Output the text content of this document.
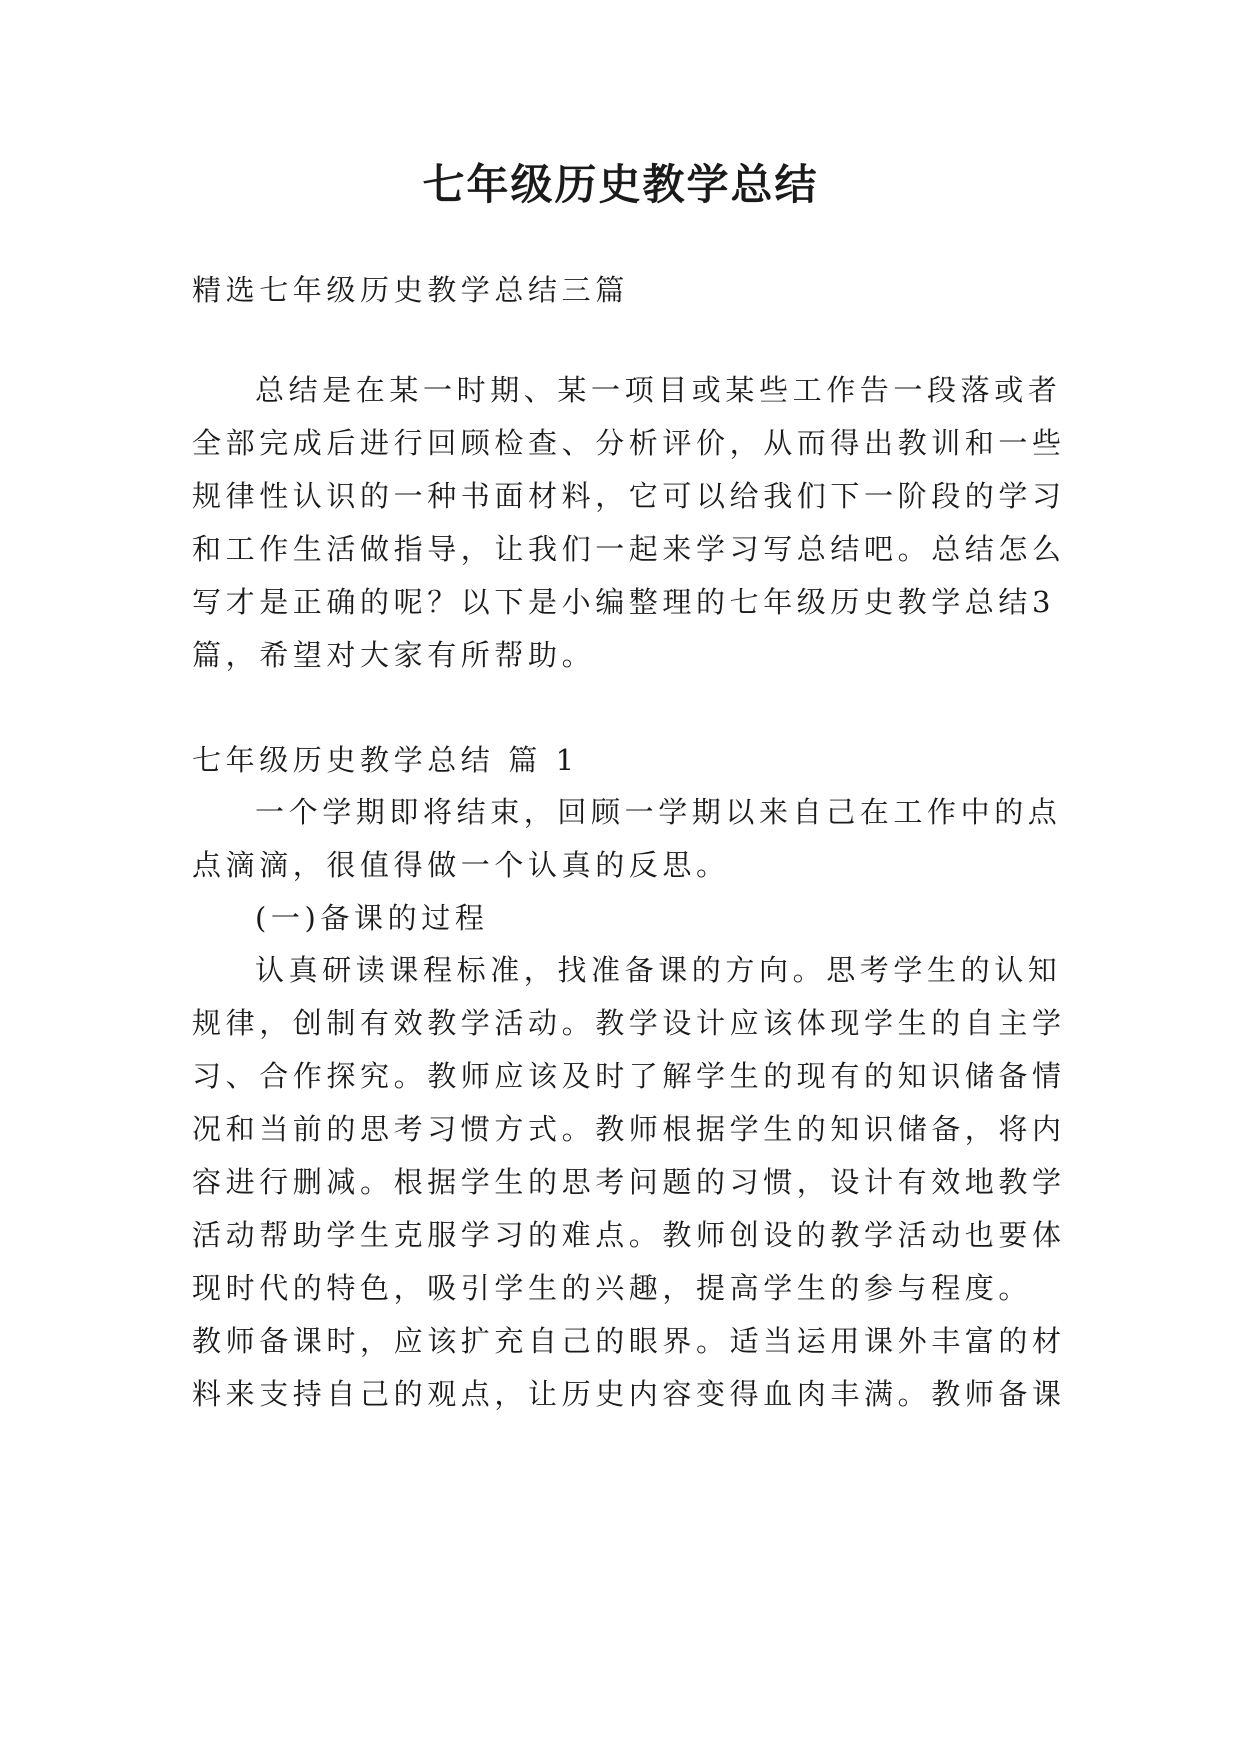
七年级历史教学总结
精选七年级历史教学总结三篇
总结是在某一时期、某一项目或某些工作告一段落或者
全部完成后进行回顾检查、分析评价，从而得出教训和一些
规律性认识的一种书面材料，它可以给我们下一阶段的学习
和工作生活做指导，让我们一起来学习写总结吧。总结怎么
写才是正确的呢？以下是小编整理的七年级历史教学总结3
篇，希望对大家有所帮助。
七年级历史教学总结 篇 1
一个学期即将结束，回顾一学期以来自己在工作中的点
点滴滴，很值得做一个认真的反思。
(一)备课的过程
认真研读课程标准，找准备课的方向。思考学生的认知
规律，创制有效教学活动。教学设计应该体现学生的自主学
习、合作探究。教师应该及时了解学生的现有的知识储备情
况和当前的思考习惯方式。教师根据学生的知识储备，将内
容进行删减。根据学生的思考问题的习惯，设计有效地教学
活动帮助学生克服学习的难点。教师创设的教学活动也要体
现时代的特色，吸引学生的兴趣，提高学生的参与程度。
教师备课时，应该扩充自己的眼界。适当运用课外丰富的材
料来支持自己的观点，让历史内容变得血肉丰满。教师备课
